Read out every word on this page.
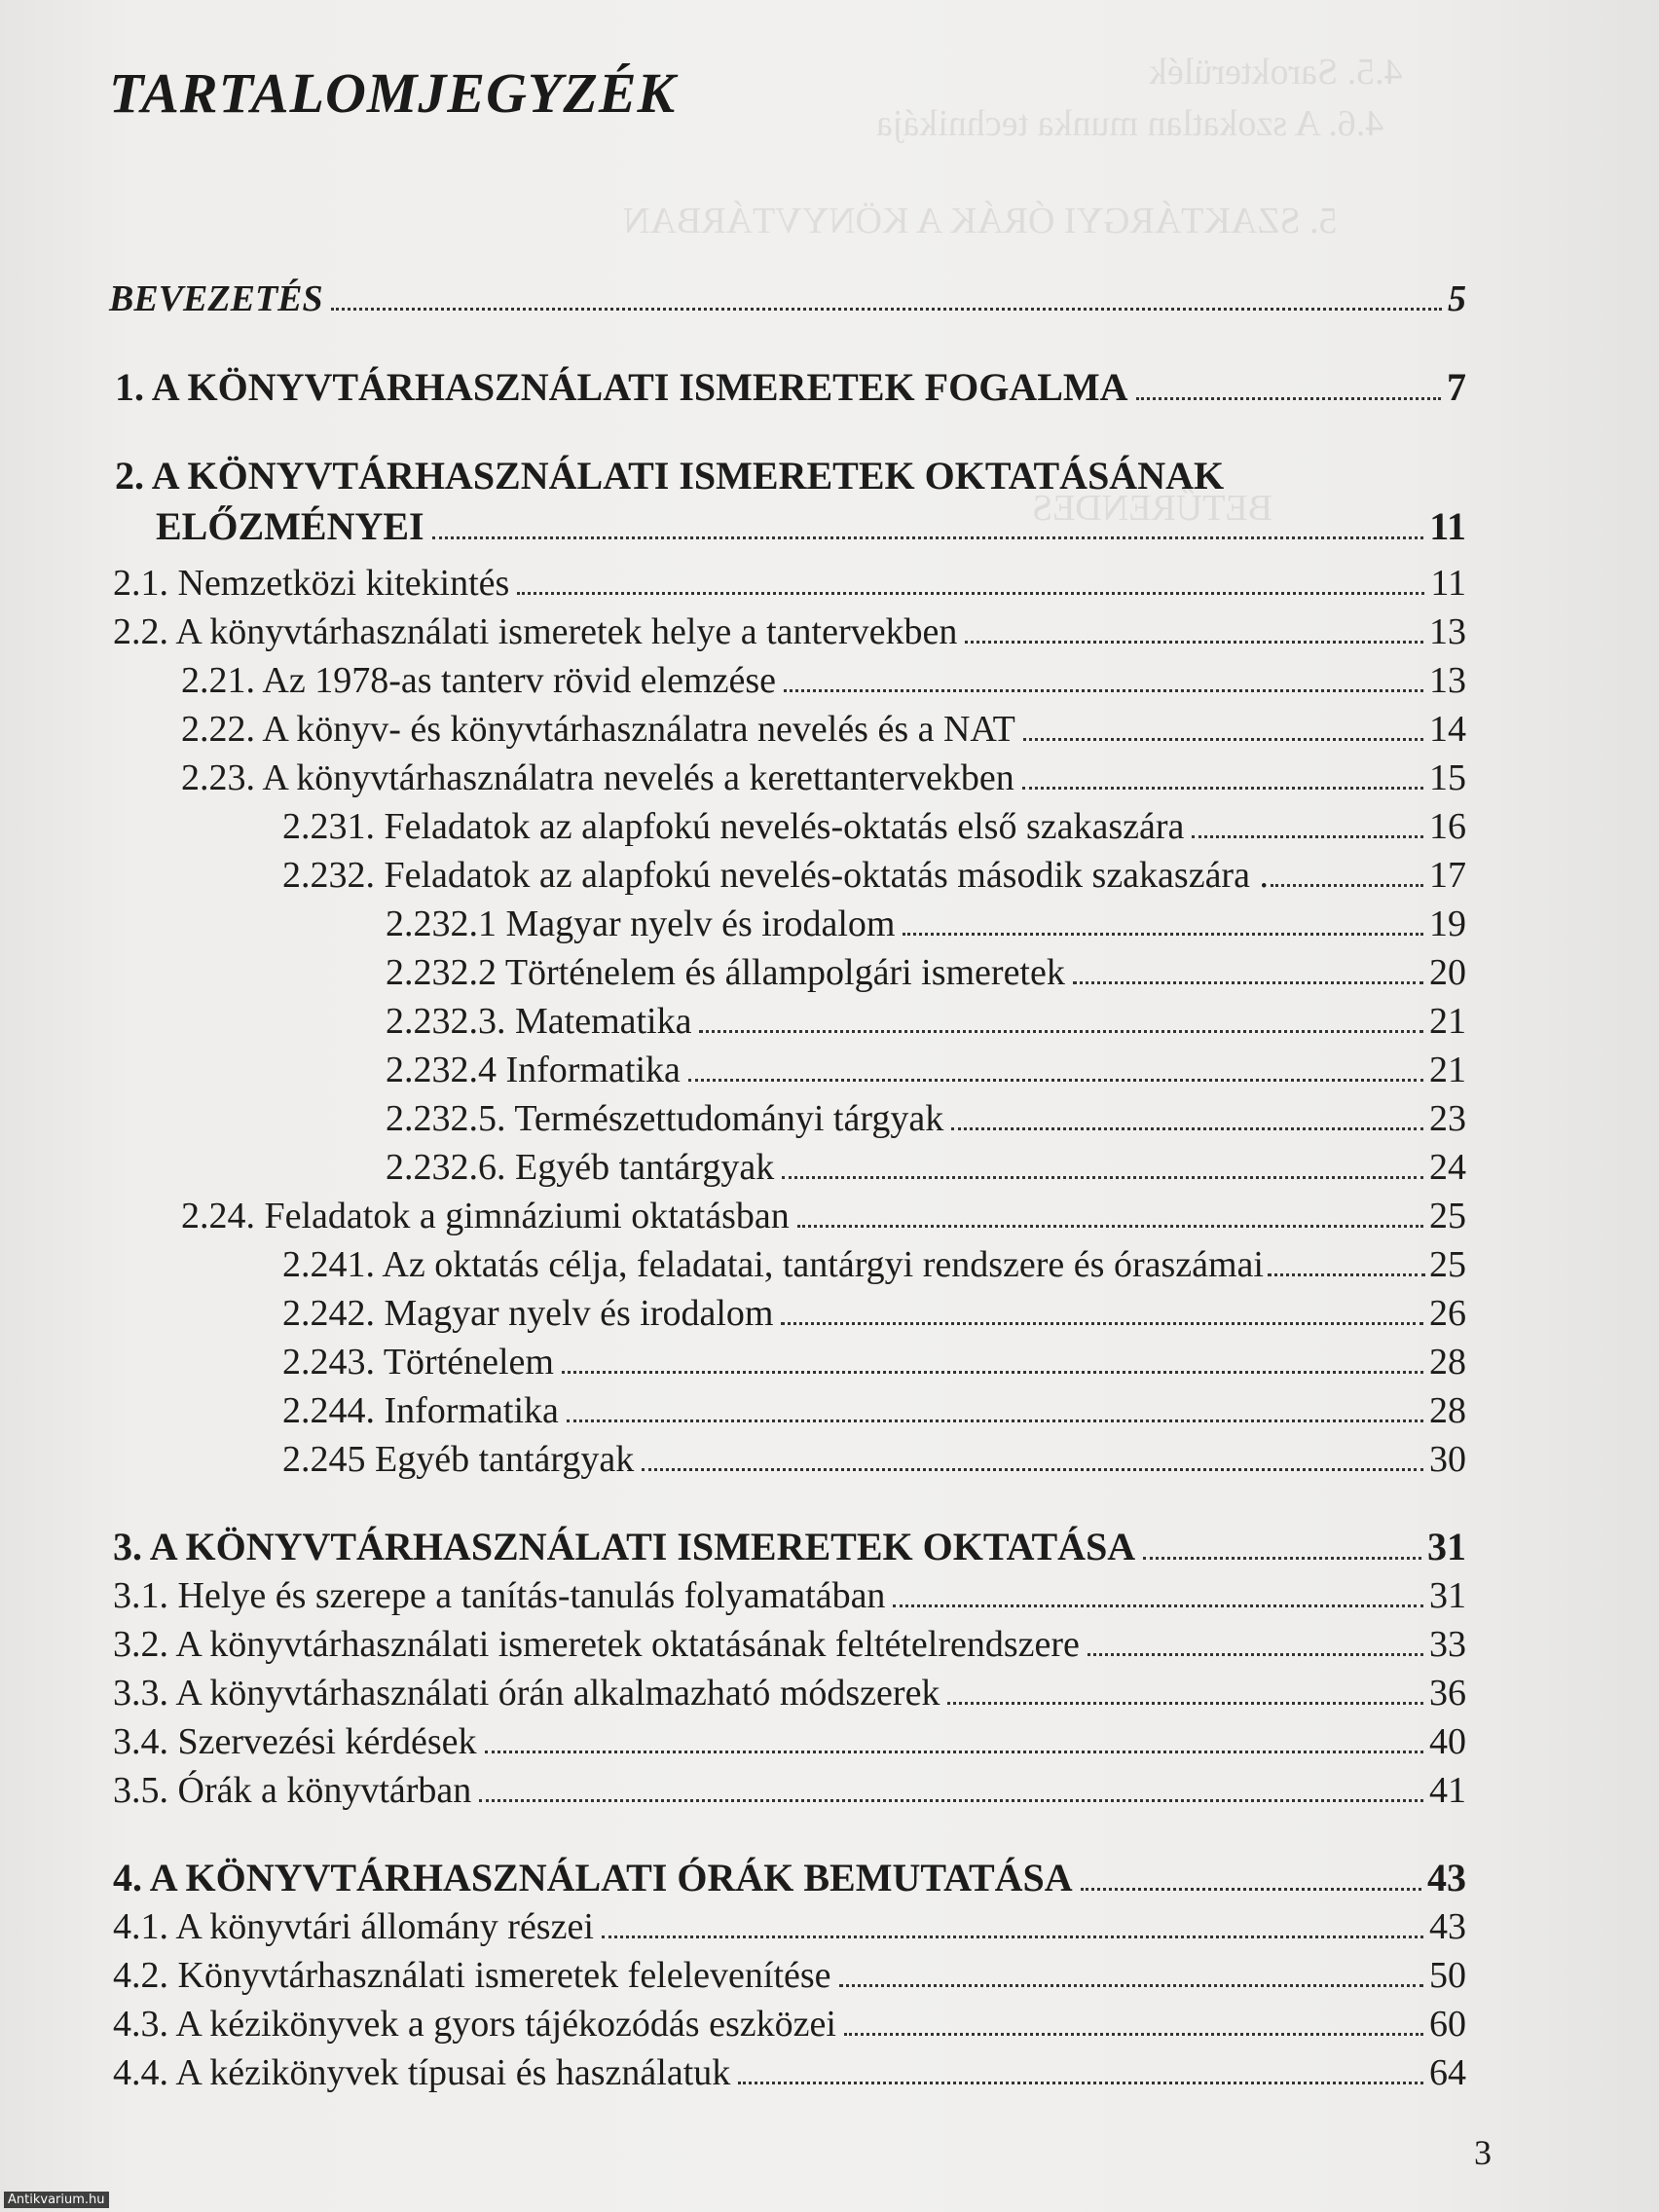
4.5. Sarokterülék
4.6. A szokatlan munka technikája
5. SZAKTÁRGYI ÓRÁK A KÖNYVTÁRBAN
BETŰRENDES
TARTALOMJEGYZÉK
BEVEZETÉS	5
1. A KÖNYVTÁRHASZNÁLATI ISMERETEK FOGALMA	7
2. A KÖNYVTÁRHASZNÁLATI ISMERETEK OKTATÁSÁNAK
ELŐZMÉNYEI	11
2.1. Nemzetközi kitekintés	11
2.2. A könyvtárhasználati ismeretek helye a tantervekben	13
2.21. Az 1978-as tanterv rövid elemzése	13
2.22. A könyv- és könyvtárhasználatra nevelés és a NAT	14
2.23. A könyvtárhasználatra nevelés a kerettantervekben	15
2.231. Feladatok az alapfokú nevelés-oktatás első szakaszára	16
2.232. Feladatok az alapfokú nevelés-oktatás második szakaszára .	17
2.232.1 Magyar nyelv és irodalom	19
2.232.2 Történelem és állampolgári ismeretek	20
2.232.3. Matematika	21
2.232.4 Informatika	21
2.232.5. Természettudományi tárgyak	23
2.232.6. Egyéb tantárgyak	24
2.24. Feladatok a gimnáziumi oktatásban	25
2.241. Az oktatás célja, feladatai, tantárgyi rendszere és óraszámai	25
2.242. Magyar nyelv és irodalom	26
2.243. Történelem	28
2.244. Informatika	28
2.245 Egyéb tantárgyak	30
3. A KÖNYVTÁRHASZNÁLATI ISMERETEK OKTATÁSA	31
3.1. Helye és szerepe a tanítás-tanulás folyamatában	31
3.2. A könyvtárhasználati ismeretek oktatásának feltételrendszere	33
3.3. A könyvtárhasználati órán alkalmazható módszerek	36
3.4. Szervezési kérdések	40
3.5. Órák a könyvtárban	41
4. A KÖNYVTÁRHASZNÁLATI ÓRÁK BEMUTATÁSA	43
4.1. A könyvtári állomány részei	43
4.2. Könyvtárhasználati ismeretek felelevenítése	50
4.3. A kézikönyvek a gyors tájékozódás eszközei	60
4.4. A kézikönyvek típusai és használatuk	64
3
Antikvarium.hu
